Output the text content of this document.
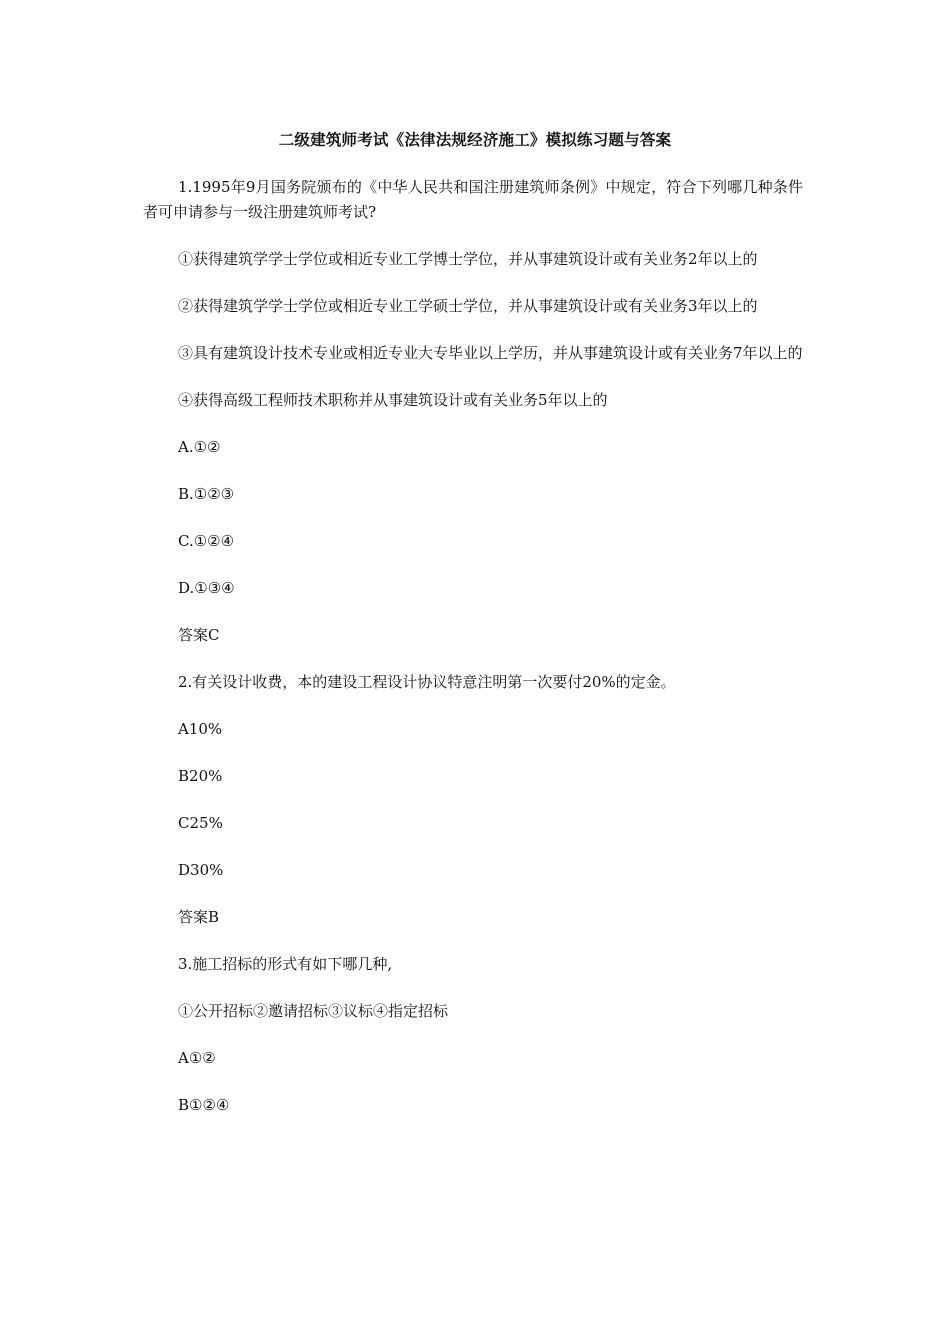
二级建筑师考试《法律法规经济施工》模拟练习题与答案

1.1995年9月国务院颁布的《中华人民共和国注册建筑师条例》中规定，符合下列哪几种条件者可申请参与一级注册建筑师考试?

①获得建筑学学士学位或相近专业工学博士学位，并从事建筑设计或有关业务2年以上的

②获得建筑学学士学位或相近专业工学硕士学位，并从事建筑设计或有关业务3年以上的

③具有建筑设计技术专业或相近专业大专毕业以上学历，并从事建筑设计或有关业务7年以上的

④获得高级工程师技术职称并从事建筑设计或有关业务5年以上的

A.①②

B.①②③

C.①②④

D.①③④

答案C

2.有关设计收费，本的建设工程设计协议特意注明第一次要付20%的定金。

A10%

B20%

C25%

D30%

答案B

3.施工招标的形式有如下哪几种,

①公开招标②邀请招标③议标④指定招标

A①②

B①②④
